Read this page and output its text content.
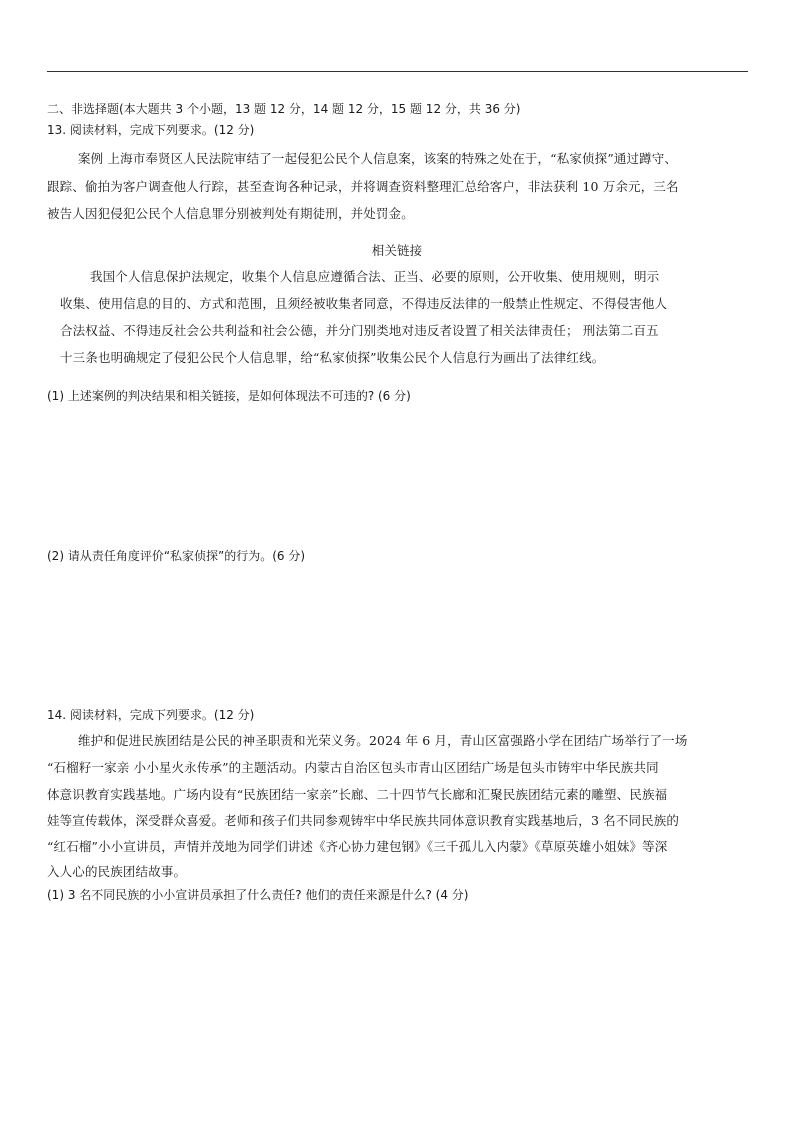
二、非选择题(本大题共 3 个小题，13 题 12 分，14 题 12 分，15 题 12 分，共 36 分)
13. 阅读材料，完成下列要求。(12 分)
案例 上海市奉贤区人民法院审结了一起侵犯公民个人信息案，该案的特殊之处在于，“私家侦探”通过蹲守、
跟踪、偷拍为客户调查他人行踪，甚至查询各种记录，并将调查资料整理汇总给客户，非法获利 10 万余元，三名
被告人因犯侵犯公民个人信息罪分别被判处有期徒刑，并处罚金。
相关链接
我国个人信息保护法规定，收集个人信息应遵循合法、正当、必要的原则，公开收集、使用规则，明示
收集、使用信息的目的、方式和范围，且须经被收集者同意，不得违反法律的一般禁止性规定、不得侵害他人
合法权益、不得违反社会公共利益和社会公德，并分门别类地对违反者设置了相关法律责任； 刑法第二百五
十三条也明确规定了侵犯公民个人信息罪，给“私家侦探”收集公民个人信息行为画出了法律红线。
(1) 上述案例的判决结果和相关链接，是如何体现法不可违的? (6 分)
(2) 请从责任角度评价“私家侦探”的行为。(6 分)
14. 阅读材料，完成下列要求。(12 分)
维护和促进民族团结是公民的神圣职责和光荣义务。2024 年 6 月，青山区富强路小学在团结广场举行了一场
“石榴籽一家亲 小小星火永传承”的主题活动。内蒙古自治区包头市青山区团结广场是包头市铸牢中华民族共同
体意识教育实践基地。广场内设有“民族团结一家亲”长廊、二十四节气长廊和汇聚民族团结元素的雕塑、民族福
娃等宣传载体，深受群众喜爱。老师和孩子们共同参观铸牢中华民族共同体意识教育实践基地后，3 名不同民族的
“红石榴”小小宣讲员，声情并茂地为同学们讲述《齐心协力建包钢》《三千孤儿入内蒙》《草原英雄小姐妹》等深
入人心的民族团结故事。
(1) 3 名不同民族的小小宣讲员承担了什么责任? 他们的责任来源是什么? (4 分)
